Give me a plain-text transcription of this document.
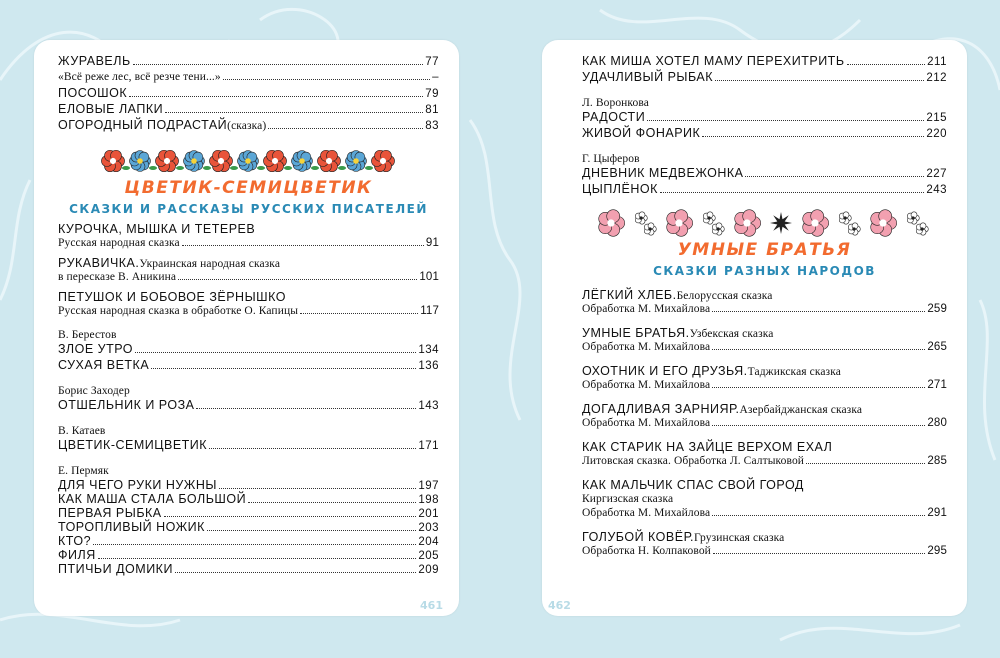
ЖУРАВЕЛЬ	77
«Всё реже лес, всё резче тени...»	–
ПОСОШОК	79
ЕЛОВЫЕ ЛАПКИ	81
ОГОРОДНЫЙ ПОДРАСТАЙ (сказка)	83
ЦВЕТИК-СЕМИЦВЕТИК
СКАЗКИ И РАССКАЗЫ РУССКИХ ПИСАТЕЛЕЙ
КУРОЧКА, МЫШКА И ТЕТЕРЕВ
Русская народная сказка	91
РУКАВИЧКА. Украинская народная сказка
в пересказе В. Аникина	101
ПЕТУШОК И БОБОВОЕ ЗЁРНЫШКО
Русская народная сказка в обработке О. Капицы	117
В. Берестов
ЗЛОЕ УТРО	134
СУХАЯ ВЕТКА	136
Борис Заходер
ОТШЕЛЬНИК И РОЗА	143
В. Катаев
ЦВЕТИК-СЕМИЦВЕТИК	171
Е. Пермяк
ДЛЯ ЧЕГО РУКИ НУЖНЫ	197
КАК МАША СТАЛА БОЛЬШОЙ	198
ПЕРВАЯ РЫБКА	201
ТОРОПЛИВЫЙ НОЖИК	203
КТО?	204
ФИЛЯ	205
ПТИЧЬИ ДОМИКИ	209
461
КАК МИША ХОТЕЛ МАМУ ПЕРЕХИТРИТЬ	211
УДАЧЛИВЫЙ РЫБАК	212
Л. Воронкова
РАДОСТИ	215
ЖИВОЙ ФОНАРИК	220
Г. Цыферов
ДНЕВНИК МЕДВЕЖОНКА	227
ЦЫПЛЁНОК	243
УМНЫЕ БРАТЬЯ
СКАЗКИ РАЗНЫХ НАРОДОВ
ЛЁГКИЙ ХЛЕБ. Белорусская сказка
Обработка М. Михайлова	259
УМНЫЕ БРАТЬЯ. Узбекская сказка
Обработка М. Михайлова	265
ОХОТНИК И ЕГО ДРУЗЬЯ. Таджикская сказка
Обработка М. Михайлова	271
ДОГАДЛИВАЯ ЗАРНИЯР. Азербайджанская сказка
Обработка М. Михайлова	280
КАК СТАРИК НА ЗАЙЦЕ ВЕРХОМ ЕХАЛ
Литовская сказка. Обработка Л. Салтыковой	285
КАК МАЛЬЧИК СПАС СВОЙ ГОРОД
Киргизская сказка
Обработка М. Михайлова	291
ГОЛУБОЙ КОВЁР. Грузинская сказка
Обработка Н. Колпаковой	295
462
